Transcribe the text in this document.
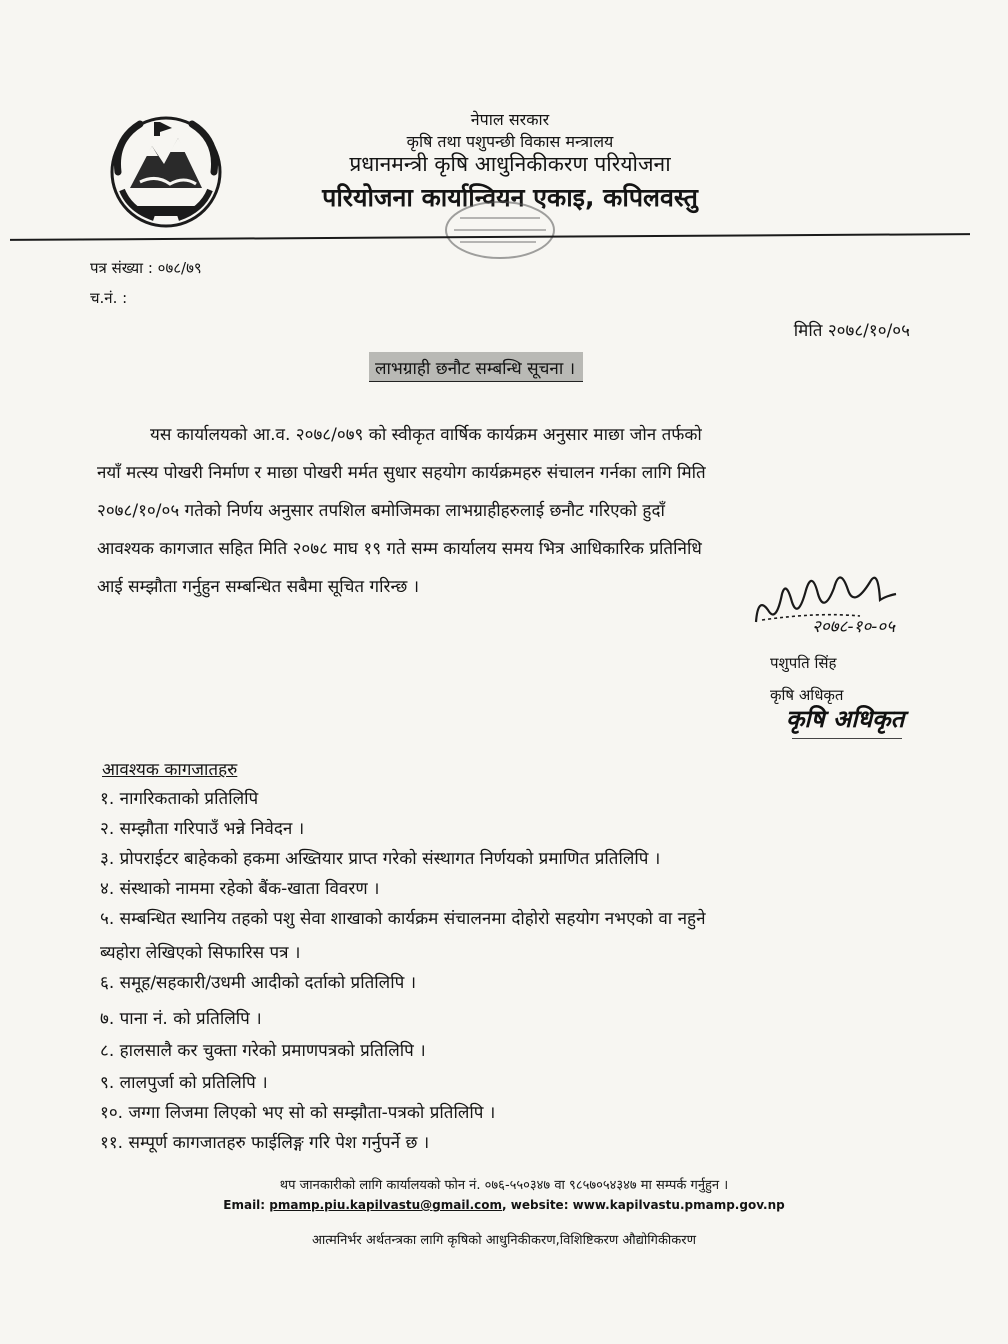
नेपाल सरकार
कृषि तथा पशुपन्छी विकास मन्त्रालय
प्रधानमन्त्री कृषि आधुनिकीकरण परियोजना
परियोजना कार्यान्वियन एकाइ, कपिलवस्तु
पत्र संख्या : ०७८/७९
च.नं. :
मिति २०७८/१०/०५
लाभग्राही छनौट सम्बन्धि सूचना ।
यस कार्यालयको आ.व. २०७८/०७९ को स्वीकृत वार्षिक कार्यक्रम अनुसार माछा जोन तर्फको
नयाँ मत्स्य पोखरी निर्माण र माछा पोखरी मर्मत सुधार सहयोग कार्यक्रमहरु संचालन गर्नका लागि मिति
२०७८/१०/०५ गतेको निर्णय अनुसार तपशिल बमोजिमका लाभग्राहीहरुलाई छनौट गरिएको हुदाँ
आवश्यक कागजात सहित मिति २०७८ माघ १९ गते सम्म कार्यालय समय भित्र आधिकारिक प्रतिनिधि
आई सम्झौता गर्नुहुन सम्बन्धित सबैमा सूचित गरिन्छ ।
२०७८-१०-०५
पशुपति सिंह
कृषि अधिकृत
कृषि अधिकृत
आवश्यक कागजातहरु
१. नागरिकताको प्रतिलिपि
२. सम्झौता गरिपाउँ भन्ने निवेदन ।
३. प्रोपराईटर बाहेकको हकमा अख्तियार प्राप्त गरेको संस्थागत निर्णयको प्रमाणित प्रतिलिपि ।
४. संस्थाको नाममा रहेको बैंक-खाता विवरण ।
५. सम्बन्धित स्थानिय तहको पशु सेवा शाखाको कार्यक्रम संचालनमा दोहोरो सहयोग नभएको वा नहुने
ब्यहोरा लेखिएको सिफारिस पत्र ।
६. समूह/सहकारी/उधमी आदीको दर्ताको प्रतिलिपि ।
७. पाना नं. को प्रतिलिपि ।
८. हालसालै कर चुक्ता गरेको प्रमाणपत्रको प्रतिलिपि ।
९. लालपुर्जा को प्रतिलिपि ।
१०. जग्गा लिजमा लिएको भए सो को सम्झौता-पत्रको प्रतिलिपि ।
११. सम्पूर्ण कागजातहरु फाईलिङ्ग गरि पेश गर्नुपर्ने छ ।
थप जानकारीको लागि कार्यालयको फोन नं. ०७६-५५०३४७ वा ९८५७०५४३४७ मा सम्पर्क गर्नुहुन ।
Email: pmamp.piu.kapilvastu@gmail.com, website: www.kapilvastu.pmamp.gov.np
आत्मनिर्भर अर्थतन्त्रका लागि कृषिको आधुनिकीकरण,विशिष्टिकरण औद्योगिकीकरण
